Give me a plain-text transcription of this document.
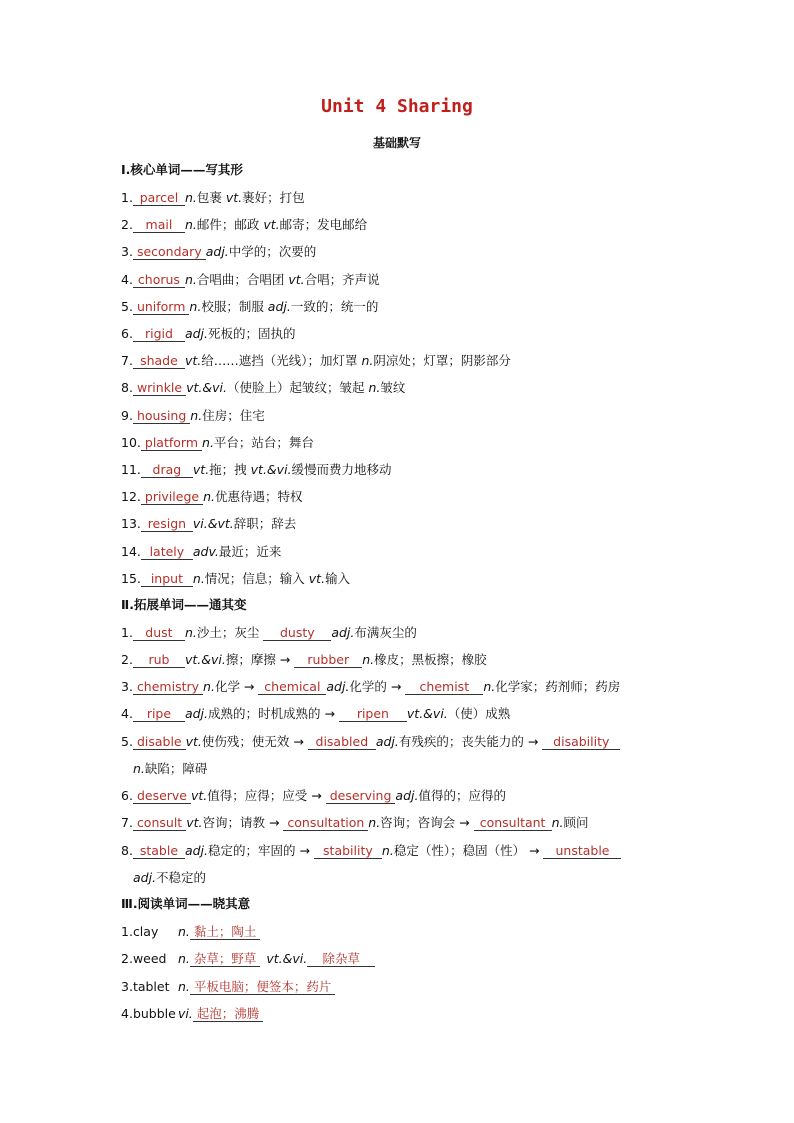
Unit 4 Sharing
基础默写
Ⅰ.核心单词——写其形
1. parcel n.包裹 vt.裹好；打包
2. mail n.邮件；邮政 vt.邮寄；发电邮给
3. secondary adj.中学的；次要的
4. chorus n.合唱曲；合唱团 vt.合唱；齐声说
5. uniform n.校服；制服 adj.一致的；统一的
6. rigid adj.死板的；固执的
7. shade vt.给……遮挡（光线）；加灯罩 n.阴凉处；灯罩；阴影部分
8. wrinkle vt.&vi.（使脸上）起皱纹；皱起 n.皱纹
9. housing n.住房；住宅
10. platform n.平台；站台；舞台
11. drag vt.拖；拽 vt.&vi.缓慢而费力地移动
12. privilege n.优惠待遇；特权
13. resign vi.&vt.辞职；辞去
14. lately adv.最近；近来
15. input n.情况；信息；输入 vt.输入
Ⅱ.拓展单词——通其变
1. dust n.沙土；灰尘 dusty adj.布满灰尘的
2. rub vt.&vi.擦；摩擦 → rubber n.橡皮；黑板擦；橡胶
3. chemistry n.化学 → chemical adj.化学的 → chemist n.化学家；药剂师；药房
4. ripe adj.成熟的；时机成熟的 → ripen vt.&vi.（使）成熟
5. disable vt.使伤残；使无效 → disabled adj.有残疾的；丧失能力的 → disability
n.缺陷；障碍
6. deserve vt.值得；应得；应受 → deserving adj.值得的；应得的
7. consult vt.咨询；请教 → consultation n.咨询；咨询会 → consultant n.顾问
8. stable adj.稳定的；牢固的 → stability n.稳定（性）；稳固（性） → unstable
adj.不稳定的
Ⅲ.阅读单词——晓其意
1.clay n. 黏土；陶土
2.weed n. 杂草；野草 vt.&vi. 除杂草
3.tablet n. 平板电脑；便签本；药片
4.bubble vi. 起泡；沸腾
